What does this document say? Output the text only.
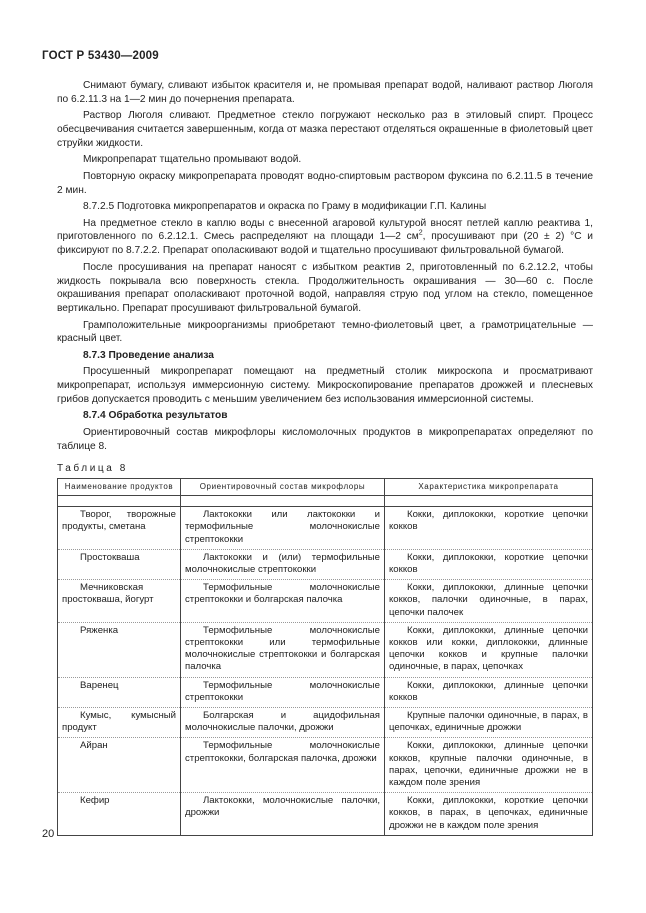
ГОСТ Р 53430—2009

Снимают бумагу, сливают избыток красителя и, не промывая препарат водой, наливают раствор Люголя по 6.2.11.3 на 1—2 мин до почернения препарата.

Раствор Люголя сливают. Предметное стекло погружают несколько раз в этиловый спирт. Процесс обесцвечивания считается завершенным, когда от мазка перестают отделяться окрашенные в фиолетовый цвет струйки жидкости.

Микропрепарат тщательно промывают водой.

Повторную окраску микропрепарата проводят водно-спиртовым раствором фуксина по 6.2.11.5 в течение 2 мин.

8.7.2.5 Подготовка микропрепаратов и окраска по Граму в модификации Г.П. Калины

На предметное стекло в каплю воды с внесенной агаровой культурой вносят петлей каплю реактива 1, приготовленного по 6.2.12.1. Смесь распределяют на площади 1—2 $см^2$, просушивают при (20 ± 2) °С и фиксируют по 8.7.2.2. Препарат ополаскивают водой и тщательно просушивают фильтровальной бумагой.

После просушивания на препарат наносят с избытком реактив 2, приготовленный по 6.2.12.2, чтобы жидкость покрывала всю поверхность стекла. Продолжительность окрашивания — 30—60 с. После окрашивания препарат ополаскивают проточной водой, направляя струю под углом на стекло, помещенное вертикально. Препарат просушивают фильтровальной бумагой.

Грамположительные микроорганизмы приобретают темно-фиолетовый цвет, а грамотрицательные — красный цвет.

8.7.3 Проведение анализа

Просушенный микропрепарат помещают на предметный столик микроскопа и просматривают микропрепарат, используя иммерсионную систему. Микроскопирование препаратов дрожжей и плесневых грибов допускается проводить с меньшим увеличением без использования иммерсионной системы.

8.7.4 Обработка результатов

Ориентировочный состав микрофлоры кисломолочных продуктов в микропрепаратах определяют по таблице 8.

Таблица 8
Наименование продуктов	Ориентировочный состав микрофлоры	Характеристика микропрепарата

Творог, творожные продукты, сметана	Лактококки или лактококки и термофильные молочнокислые стрептококки	Кокки, диплококки, короткие цепочки кокков
Простокваша	Лактококки и (или) термофильные молочнокислые стрептококки	Кокки, диплококки, короткие цепочки кокков
Мечниковская простокваша, йогурт	Термофильные молочнокислые стрептококки и болгарская палочка	Кокки, диплококки, длинные цепочки кокков, палочки одиночные, в парах, цепочки палочек
Ряженка	Термофильные молочнокислые стрептококки или термофильные молочнокислые стрептококки и болгарская палочка	Кокки, диплококки, длинные цепочки кокков или кокки, диплококки, длинные цепочки кокков и крупные палочки одиночные, в парах, цепочках
Варенец	Термофильные молочнокислые стрептококки	Кокки, диплококки, длинные цепочки кокков
Кумыс, кумысный продукт	Болгарская и ацидофильная молочнокислые палочки, дрожжи	Крупные палочки одиночные, в парах, в цепочках, единичные дрожжи
Айран	Термофильные молочнокислые стрептококки, болгарская палочка, дрожжи	Кокки, диплококки, длинные цепочки кокков, крупные палочки одиночные, в парах, цепочки, единичные дрожжи не в каждом поле зрения
Кефир	Лактококки, молочнокислые палочки, дрожжи	Кокки, диплококки, короткие цепочки кокков, в парах, в цепочках, единичные дрожжи не в каждом поле зрения
20
